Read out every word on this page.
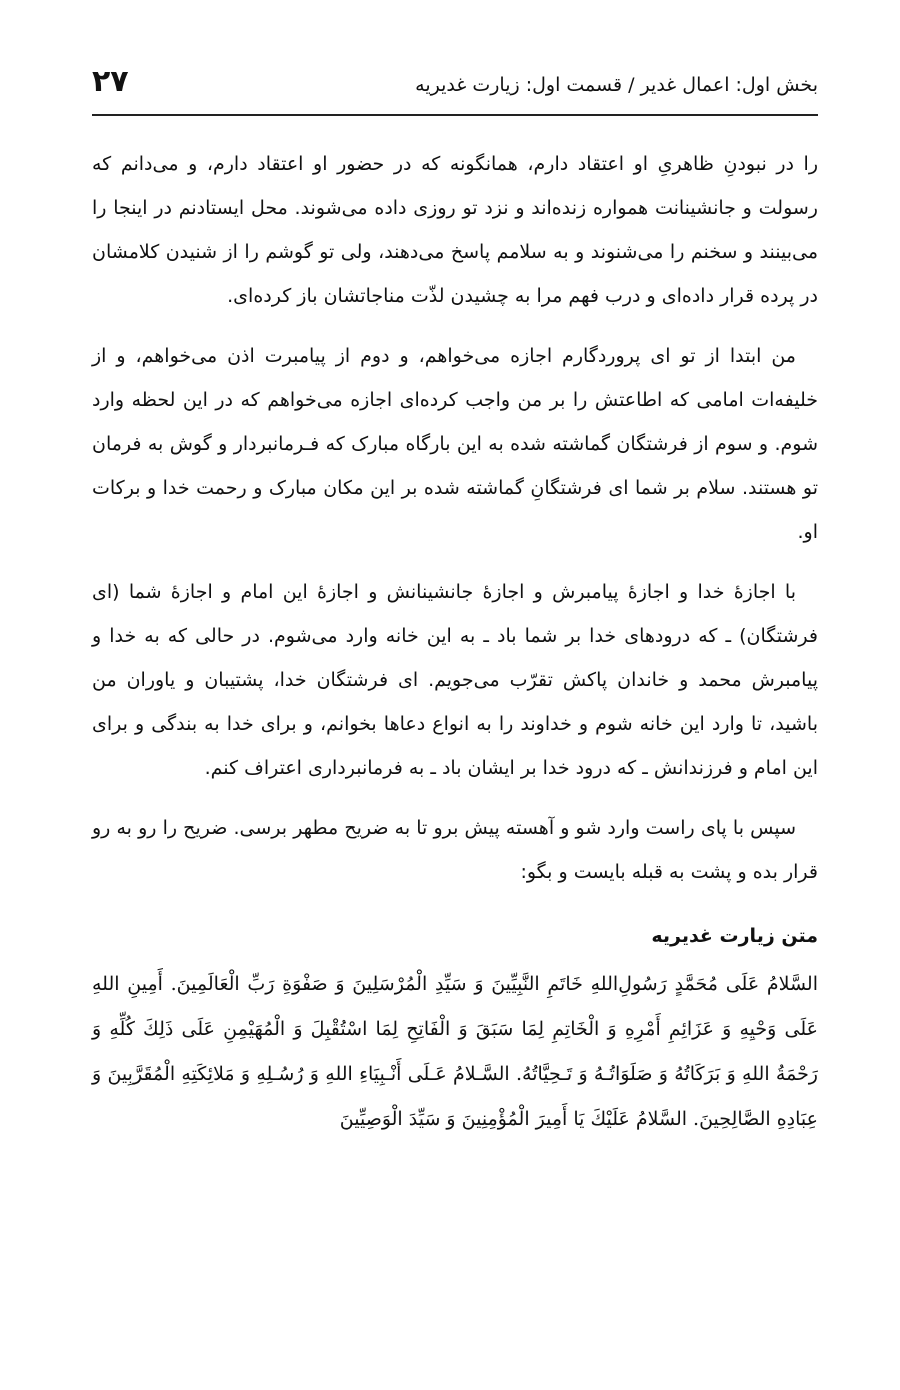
بخش اول: اعمال غدیر / قسمت اول: زیارت غدیریه
۲۷

را در نبودنِ ظاهریِ او اعتقاد دارم، همانگونه که در حضور او اعتقاد دارم، و می‌دانم که رسولت و جانشینانت همواره زنده‌اند و نزد تو روزی داده می‌شوند. محل ایستادنم در اینجا را می‌بینند و سخنم را می‌شنوند و به سلامم پاسخ می‌دهند، ولی تو گوشم را از شنیدن کلامشان در پرده قرار داده‌ای و درب فهم مرا به چشیدن لذّت مناجاتشان باز کرده‌ای.

من ابتدا از تو ای پروردگارم اجازه می‌خواهم، و دوم از پیامبرت اذن می‌خواهم، و از خلیفه‌ات امامی که اطاعتش را بر من واجب کرده‌ای اجازه می‌خواهم که در این لحظه وارد شوم. و سوم از فرشتگان گماشته شده به این بارگاه مبارک که فـرمانبردار و گوش به فرمان تو هستند. سلام بر شما ای فرشتگانِ گماشته شده بر این مکان مبارک و رحمت خدا و برکات او.

با اجازهٔ خدا و اجازهٔ پیامبرش و اجازهٔ جانشینانش و اجازهٔ این امام و اجازهٔ شما (ای فرشتگان) ـ که درودهای خدا بر شما باد ـ به این خانه وارد می‌شوم. در حالی که به خدا و پیامبرش محمد و خاندان پاکش تقرّب می‌جویم. ای فرشتگان خدا، پشتیبان و یاوران من باشید، تا وارد این خانه شوم و خداوند را به انواع دعاها بخوانم، و برای خدا به بندگی و برای این امام و فرزندانش ـ که درود خدا بر ایشان باد ـ به فرمانبرداری اعتراف کنم.

سپس با پای راست وارد شو و آهسته پیش برو تا به ضریح مطهر برسی. ضریح را رو به رو قرار بده و پشت به قبله بایست و بگو:

متن زیارت غدیریه

السَّلامُ عَلَى مُحَمَّدٍ رَسُولِ‌اللهِ خَاتَمِ النَّبِيِّينَ وَ سَيِّدِ الْمُرْسَلِينَ وَ صَفْوَةِ رَبِّ الْعَالَمِينَ. أَمِينِ اللهِ عَلَى وَحْيِهِ وَ عَزَائِمِ أَمْرِهِ وَ الْخَاتِمِ لِمَا سَبَقَ وَ الْفَاتِحِ لِمَا اسْتُقْبِلَ وَ الْمُهَيْمِنِ عَلَى ذَلِكَ كُلِّهِ وَ رَحْمَةُ اللهِ وَ بَرَكَاتُهُ وَ صَلَوَاتُـهُ وَ تَـحِيَّاتُهُ. السَّـلامُ عَـلَى أَنْـبِيَاءِ اللهِ وَ رُسُـلِهِ وَ مَلائِكَتِهِ الْمُقَرَّبِينَ وَ عِبَادِهِ الصَّالِحِينَ. السَّلامُ عَلَيْكَ يَا أَمِيرَ الْمُؤْمِنِينَ وَ سَيِّدَ الْوَصِيِّينَ
